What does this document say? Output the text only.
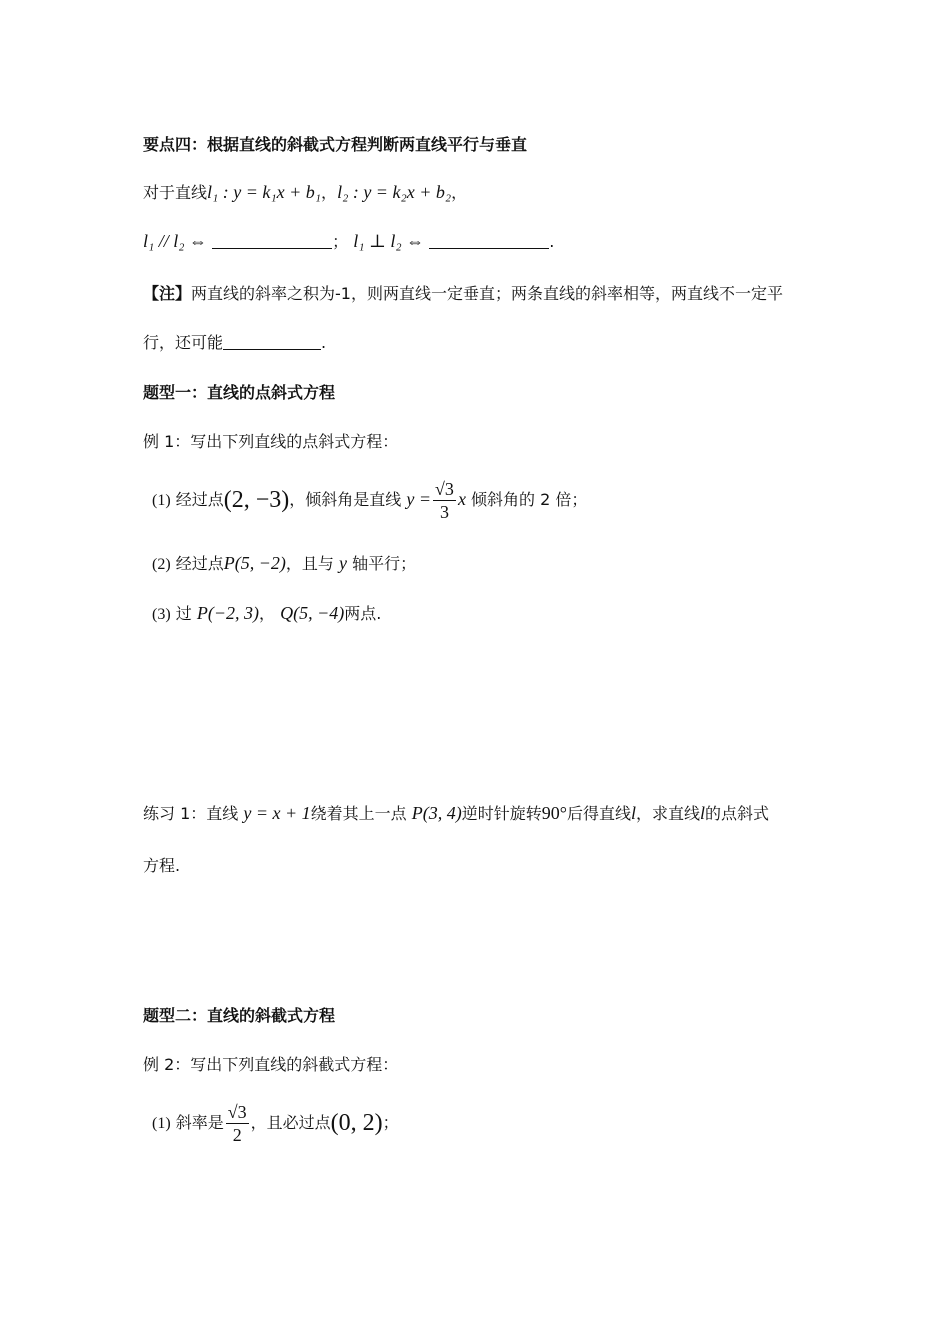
要点四：根据直线的斜截式方程判断两直线平行与垂直
对于直线l₁ : y = k₁x + b₁，l₂ : y = k₂x + b₂，
l₁ // l₂ ⇔	； l₁ ⊥ l₂ ⇔	.
【注】两直线的斜率之积为-1，则两直线一定垂直；两条直线的斜率相等，两直线不一定平
行，还可能	.
题型一：直线的点斜式方程
例 1：写出下列直线的点斜式方程：
(1) 经过点(2, −3)，倾斜角是直线 $y = \frac{√3}{3}$ x 倾斜角的 2 倍；
(2) 经过点P(5, −2)，且与 y 轴平行；
(3) 过 P(−2, 3)， Q(5, −4)两点.
练习 1：直线 y = x + 1绕着其上一点 P(3, 4)逆时针旋转90°后得直线l，求直线l的点斜式
方程.
题型二：直线的斜截式方程
例 2：写出下列直线的斜截式方程：
(1) 斜率是 $\frac{√3}{2}$ ，且必过点(0, 2)；
